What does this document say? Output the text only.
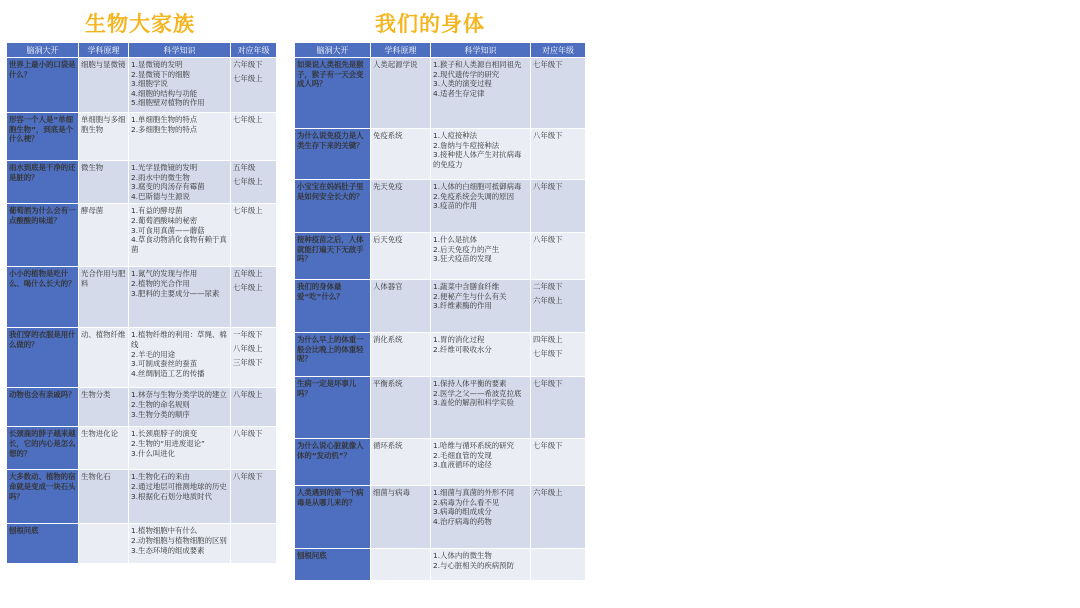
生物大家族	我们的身体
脑洞大开	学科原理	科学知识	对应年级
世界上最小的口袋是什么？	细胞与显微镜	1.显微镜的发明
2.显微镜下的细胞
3.细胞学说
4.细胞的结构与功能
5.细胞壁对植物的作用	六年级下
七年级上

形容一个人是“单细胞生物”，到底是个什么梗？	单细胞与多细胞生物	1.单细胞生物的特点
2.多细胞生物的特点	七年级上

雨水到底是干净的还是脏的？	微生物	1.光学显微镜的发明
2.雨水中的微生物
3.腐变的肉汤存有霉菌
4.巴斯德与生源说	五年级
七年级上

葡萄酒为什么会有一点酸酸的味道？	酵母菌	1.有益的酵母菌
2.葡萄酒酸味的秘密
3.可食用真菌——蘑菇
4.草食动物消化食物有赖于真菌	七年级上

小小的植物是吃什么、喝什么长大的？	光合作用与肥料	1.氮气的发现与作用
2.植物的光合作用
3.肥料的主要成分——尿素	五年级上
七年级上

我们穿的衣服是用什么做的？	动、植物纤维	1.植物纤维的利用：草绳、棉线
2.羊毛的用途
3.可制成蚕丝的蚕茧
4.丝绸制造工艺的传播	一年级下
八年级上
三年级下

动物也会有亲戚吗？	生物分类	1.林奈与生物分类学说的建立
2.生物的命名规则
3.生物分类的顺序	八年级上

长颈鹿的脖子越来越长，它的内心是怎么想的？	生物进化论	1.长颈鹿脖子的演变
2.生物的“用进废退论”
3.什么叫进化	八年级下

大多数动、植物的宿命就是变成一块石头吗？	生物化石	1.生物化石的来由
2.通过地层可推测地球的历史
3.根据化石划分地质时代	八年级下

刨根问底		1.植物细胞中有什么
2.动物细胞与植物细胞的区别
3.生态环境的组成要素	

脑洞大开	学科原理	科学知识	对应年级
如果说人类祖先是猴子，猴子有一天会变成人吗？	人类起源学说	1.猴子和人类源自相同祖先
2.现代遗传学的研究
3.人类的演变过程
4.适者生存定律	七年级下

为什么说免疫力是人类生存下来的关键？	免疫系统	1.人痘接种法
2.詹纳与牛痘接种法
3.接种使人体产生对抗病毒的免疫力	八年级下

小宝宝在妈妈肚子里是如何安全长大的？	先天免疫	1.人体的白细胞可抵御病毒
2.免疫系统会失调的原因
3.疫苗的作用	八年级下

接种疫苗之后，人体就能打遍天下无敌手吗？	后天免疫	1.什么是抗体
2.后天免疫力的产生
3.狂犬疫苗的发现	八年级下

我们的身体最爱“吃”什么？	人体器官	1.蔬菜中含膳食纤维
2.便秘产生与什么有关
3.纤维素酶的作用	二年级下
六年级上

为什么早上的体重一般会比晚上的体重轻呢？	消化系统	1.胃的消化过程
2.纤维可吸收水分	四年级上
七年级下

生病一定是坏事儿吗？	平衡系统	1.保持人体平衡的要素
2.医学之父——希波克拉底
3.盖伦的解剖和科学实验	七年级下

为什么说心脏就像人体的“发动机”？	循环系统	1.哈维与循环系统的研究
2.毛细血管的发现
3.血液循环的途径	七年级下

人类遇到的第一个病毒是从哪儿来的？	细菌与病毒	1.细菌与真菌的外形不同
2.病毒为什么看不见
3.病毒的组成成分
4.治疗病毒的药物	六年级上

刨根问底		1.人体内的微生物
2.与心脏相关的疾病预防	
